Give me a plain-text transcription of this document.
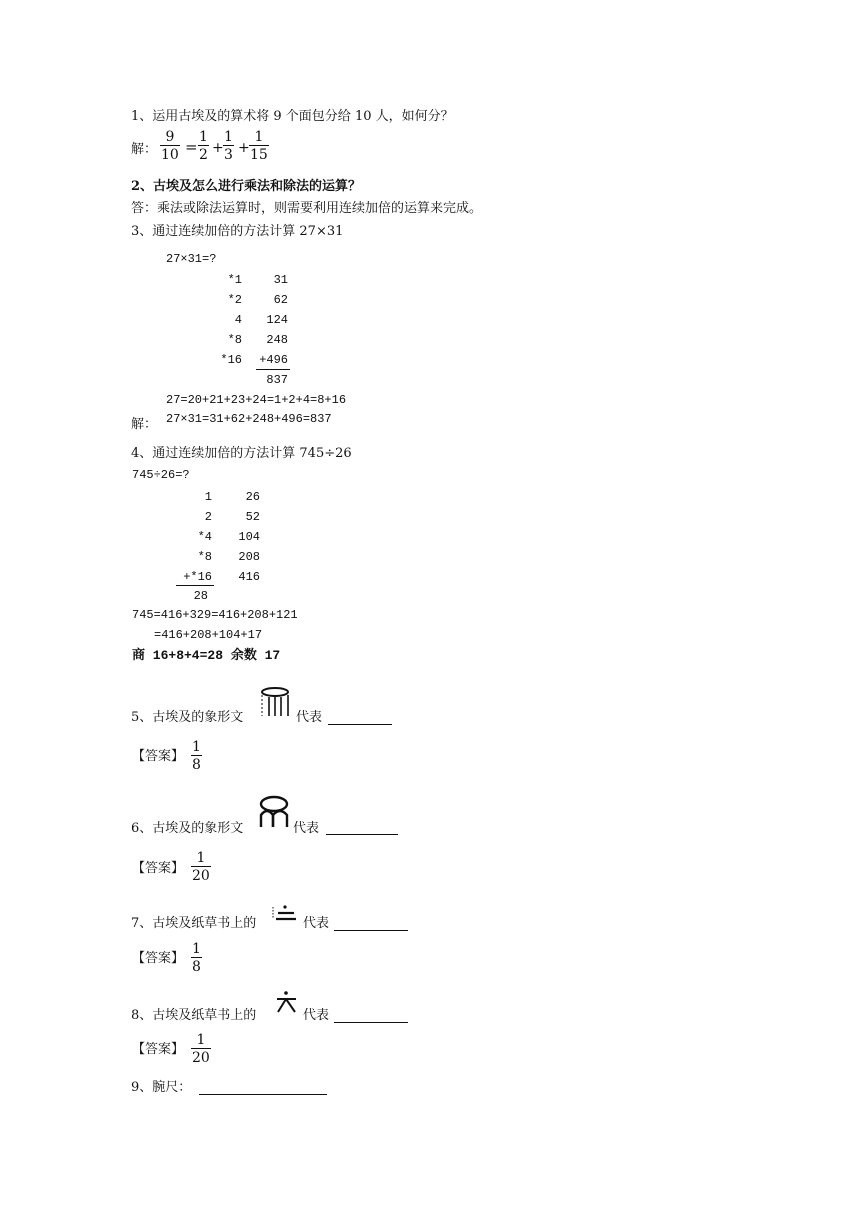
1、运用古埃及的算术将 9 个面包分给 10 人，如何分？
解： $\frac{9}{10} = \frac{1}{2} + \frac{1}{3} + \frac{1}{15}$
2、古埃及怎么进行乘法和除法的运算？
答：乘法或除法运算时，则需要利用连续加倍的运算来完成。
3、通过连续加倍的方法计算 27×31
27×31=?
*1	31
*2	62
4	124
*8	248
*16	+496
837
27=20+21+23+24=1+2+4=8+16
解： 27×31=31+62+248+496=837
4、通过连续加倍的方法计算 745÷26
745÷26=?
1	26
2	52
*4	104
*8	208
+*16	416
28
745=416+329=416+208+121
=416+208+104+17
商 16+8+4=28 余数 17
5、古埃及的象形文	代表
【答案】 $\frac{1}{8}$
6、古埃及的象形文	代表
【答案】 $\frac{1}{20}$
7、古埃及纸草书上的	代表
【答案】 $\frac{1}{8}$
8、古埃及纸草书上的	代表
【答案】 $\frac{1}{20}$
9、腕尺：
